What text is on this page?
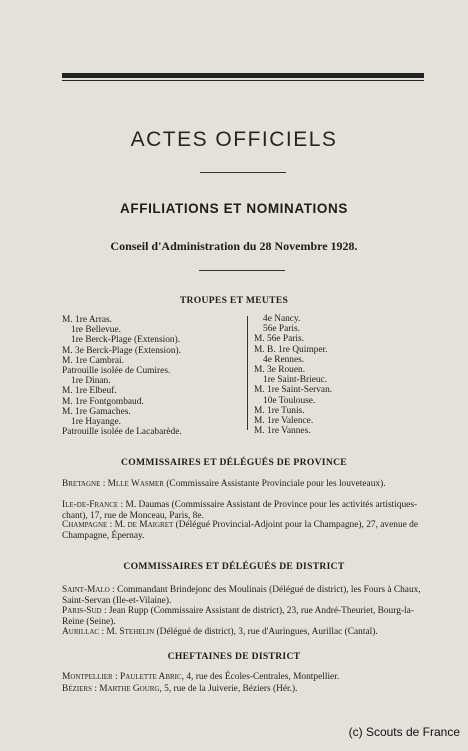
ACTES OFFICIELS
AFFILIATIONS ET NOMINATIONS
Conseil d'Administration du 28 Novembre 1928.
TROUPES ET MEUTES
M. 1re Arras.
1re Bellevue.
1re Berck-Plage (Extension).
M. 3e Berck-Plage (Extension).
M. 1re Cambrai.
Patrouille isolée de Cumires.
1re Dinan.
M. 1re Elbeuf.
M. 1re Fontgombaud.
M. 1re Gamaches.
1re Hayange.
Patrouille isolée de Lacabarède.
4e Nancy.
56e Paris.
M. 56e Paris.
M. B. 1re Quimper.
4e Rennes.
M. 3e Rouen.
1re Saint-Brieuc.
M. 1re Saint-Servan.
10e Toulouse.
M. 1re Tunis.
M. 1re Valence.
M. 1re Vannes.
COMMISSAIRES ET DÉLÉGUÉS DE PROVINCE
Bretagne : Mlle Wasmer (Commissaire Assistante Provinciale pour les louveteaux).
Ile-de-France : M. Daumas (Commissaire Assistant de Province pour les activités artistiques-chant), 17, rue de Monceau, Paris, 8e.
Champagne : M. de Maigret (Délégué Provincial-Adjoint pour la Champagne), 27, avenue de Champagne, Épernay.
COMMISSAIRES ET DÉLÉGUÉS DE DISTRICT
Saint-Malo : Commandant Brindejonc des Moulinais (Délégué de district), les Fours à Chaux, Saint-Servan (Ile-et-Vilaine).
Paris-Sud : Jean Rupp (Commissaire Assistant de district), 23, rue André-Theuriet, Bourg-la-Reine (Seine).
Aurillac : M. Stehelin (Délégué de district), 3, rue d'Auringues, Aurillac (Cantal).
CHEFTAINES DE DISTRICT
Montpellier : Paulette Abric, 4, rue des Écoles-Centrales, Montpellier.
Béziers : Marthe Gourg, 5, rue de la Juiverie, Béziers (Hér.).
(c) Scouts de France
